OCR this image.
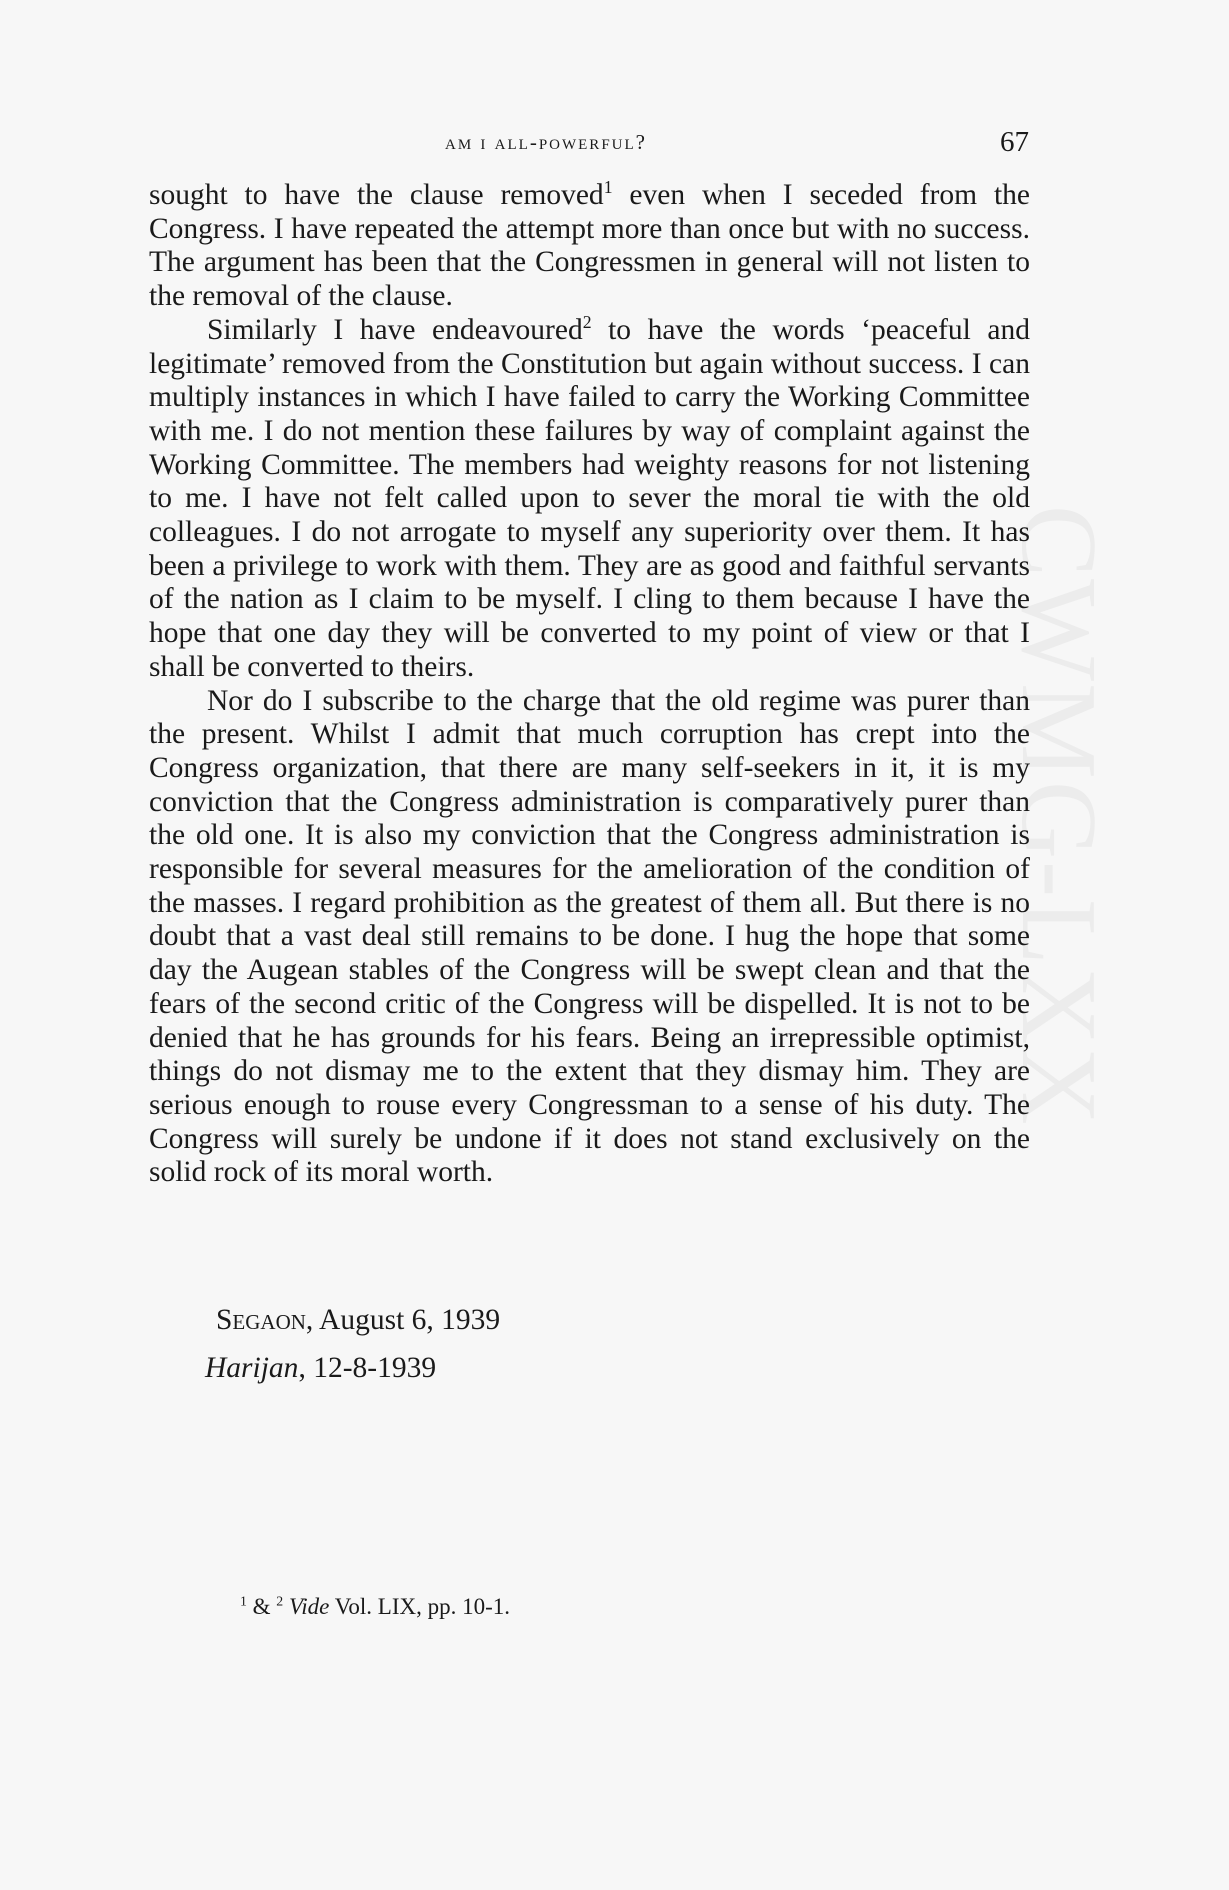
CWMG-LXX
am i all-powerful?	67

sought to have the clause removed$^1$ even when I seceded from the Congress. I have repeated the attempt more than once but with no success. The argument has been that the Congressmen in general will not listen to the removal of the clause.

Similarly I have endeavoured$^2$ to have the words ‘peaceful and legitimate’ removed from the Constitution but again without success. I can multiply instances in which I have failed to carry the Working Committee with me. I do not mention these failures by way of complaint against the Working Committee. The members had weighty reasons for not listening to me. I have not felt called upon to sever the moral tie with the old colleagues. I do not arrogate to myself any superiority over them. It has been a privilege to work with them. They are as good and faithful servants of the nation as I claim to be myself. I cling to them because I have the hope that one day they will be converted to my point of view or that I shall be converted to theirs.

Nor do I subscribe to the charge that the old regime was purer than the present. Whilst I admit that much corruption has crept into the Congress organization, that there are many self-seekers in it, it is my conviction that the Congress administration is comparatively purer than the old one. It is also my conviction that the Congress administration is responsible for several measures for the amelioration of the condition of the masses. I regard prohibition as the greatest of them all. But there is no doubt that a vast deal still remains to be done. I hug the hope that some day the Augean stables of the Congress will be swept clean and that the fears of the second critic of the Congress will be dispelled. It is not to be denied that he has grounds for his fears. Being an irrepressible optimist, things do not dismay me to the extent that they dismay him. They are serious enough to rouse every Congressman to a sense of his duty. The Congress will surely be undone if it does not stand exclusively on the solid rock of its moral worth.

Segaon, August 6, 1939
Harijan, 12-8-1939
$^1$ & $^2$ Vide Vol. LIX, pp. 10-1.
